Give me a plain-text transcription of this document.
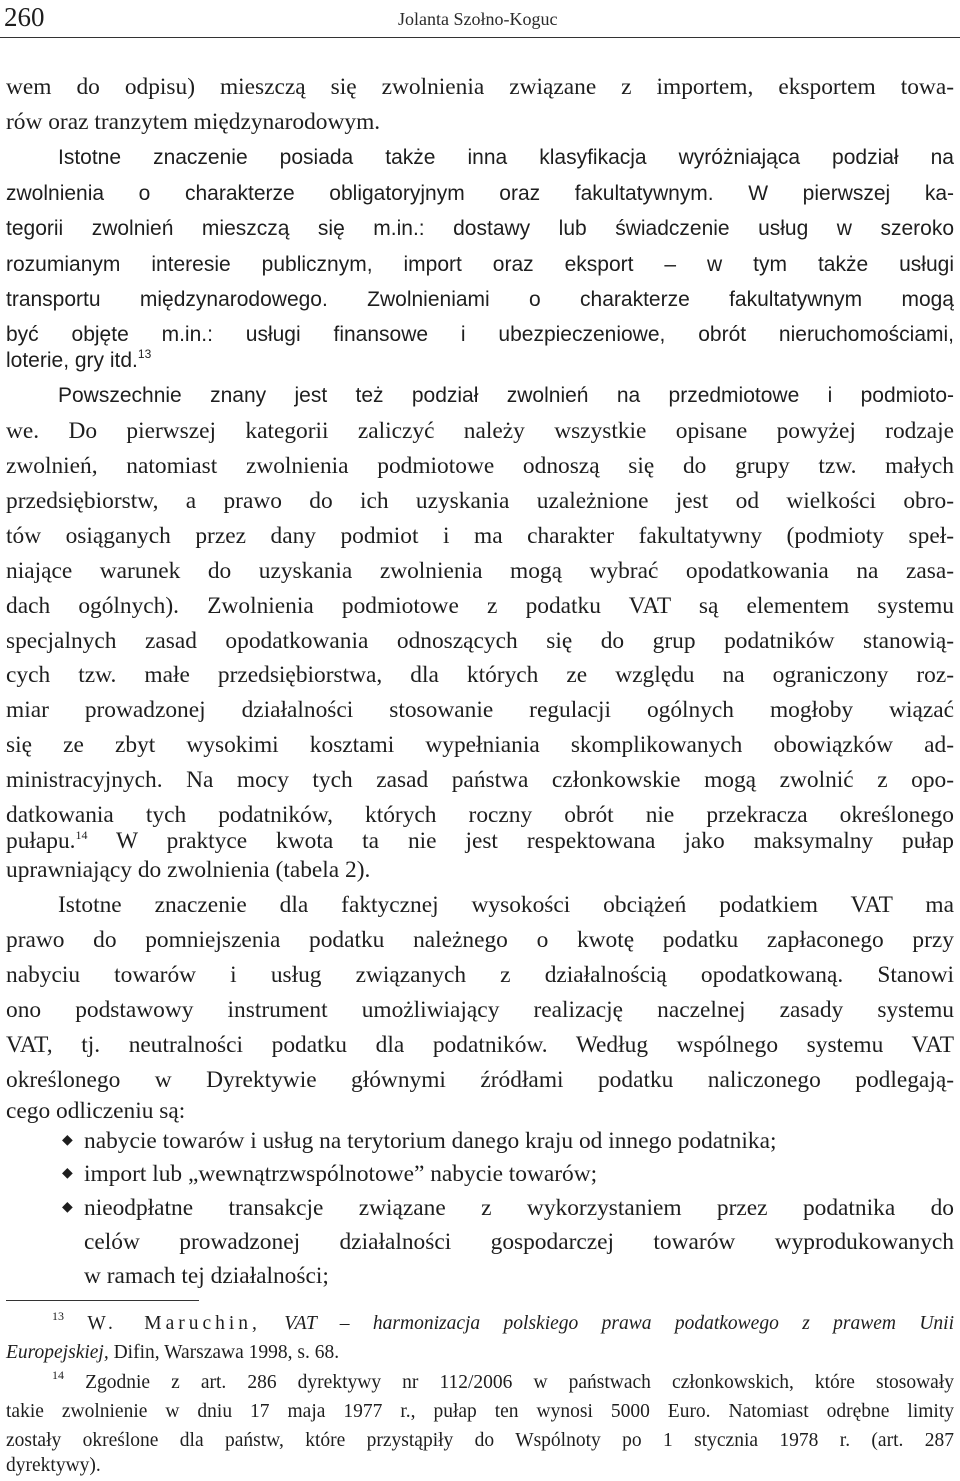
260	Jolanta Szołno-Koguc
wem do odpisu) mieszczą się zwolnienia związane z importem, eksportem towa-
rów oraz tranzytem międzynarodowym.
Istotne znaczenie posiada także inna klasyfikacja wyróżniająca podział na
zwolnienia o charakterze obligatoryjnym oraz fakultatywnym. W pierwszej ka-
tegorii zwolnień mieszczą się m.in.: dostawy lub świadczenie usług w szeroko
rozumianym interesie publicznym, import oraz eksport – w tym także usługi
transportu międzynarodowego. Zwolnieniami o charakterze fakultatywnym mogą
być objęte m.in.: usługi finansowe i ubezpieczeniowe, obrót nieruchomościami,
loterie, gry itd.$^{13}$
Powszechnie znany jest też podział zwolnień na przedmiotowe i podmioto-
we. Do pierwszej kategorii zaliczyć należy wszystkie opisane powyżej rodzaje
zwolnień, natomiast zwolnienia podmiotowe odnoszą się do grupy tzw. małych
przedsiębiorstw, a prawo do ich uzyskania uzależnione jest od wielkości obro-
tów osiąganych przez dany podmiot i ma charakter fakultatywny (podmioty speł-
niające warunek do uzyskania zwolnienia mogą wybrać opodatkowania na zasa-
dach ogólnych). Zwolnienia podmiotowe z podatku VAT są elementem systemu
specjalnych zasad opodatkowania odnoszących się do grup podatników stanowią-
cych tzw. małe przedsiębiorstwa, dla których ze względu na ograniczony roz-
miar prowadzonej działalności stosowanie regulacji ogólnych mogłoby wiązać
się ze zbyt wysokimi kosztami wypełniania skomplikowanych obowiązków ad-
ministracyjnych. Na mocy tych zasad państwa członkowskie mogą zwolnić z opo-
datkowania tych podatników, których roczny obrót nie przekracza określonego
pułapu.$^{14}$ W praktyce kwota ta nie jest respektowana jako maksymalny pułap
uprawniający do zwolnienia (tabela 2).
Istotne znaczenie dla faktycznej wysokości obciążeń podatkiem VAT ma
prawo do pomniejszenia podatku należnego o kwotę podatku zapłaconego przy
nabyciu towarów i usług związanych z działalnością opodatkowaną. Stanowi
ono podstawowy instrument umożliwiający realizację naczelnej zasady systemu
VAT, tj. neutralności podatku dla podatników. Według wspólnego systemu VAT
określonego w Dyrektywie głównymi źródłami podatku naliczonego podlegają-
cego odliczeniu są:
◆ nabycie towarów i usług na terytorium danego kraju od innego podatnika;
◆ import lub „wewnątrzwspólnotowe” nabycie towarów;
◆ nieodpłatne transakcje związane z wykorzystaniem przez podatnika do
celów prowadzonej działalności gospodarczej towarów wyprodukowanych
w ramach tej działalności;
$^{13}$ W. Maruchin, VAT – harmonizacja polskiego prawa podatkowego z prawem Unii
Europejskiej, Difin, Warszawa 1998, s. 68.
$^{14}$ Zgodnie z art. 286 dyrektywy nr 112/2006 w państwach członkowskich, które stosowały
takie zwolnienie w dniu 17 maja 1977 r., pułap ten wynosi 5000 Euro. Natomiast odrębne limity
zostały określone dla państw, które przystąpiły do Wspólnoty po 1 stycznia 1978 r. (art. 287
dyrektywy).
